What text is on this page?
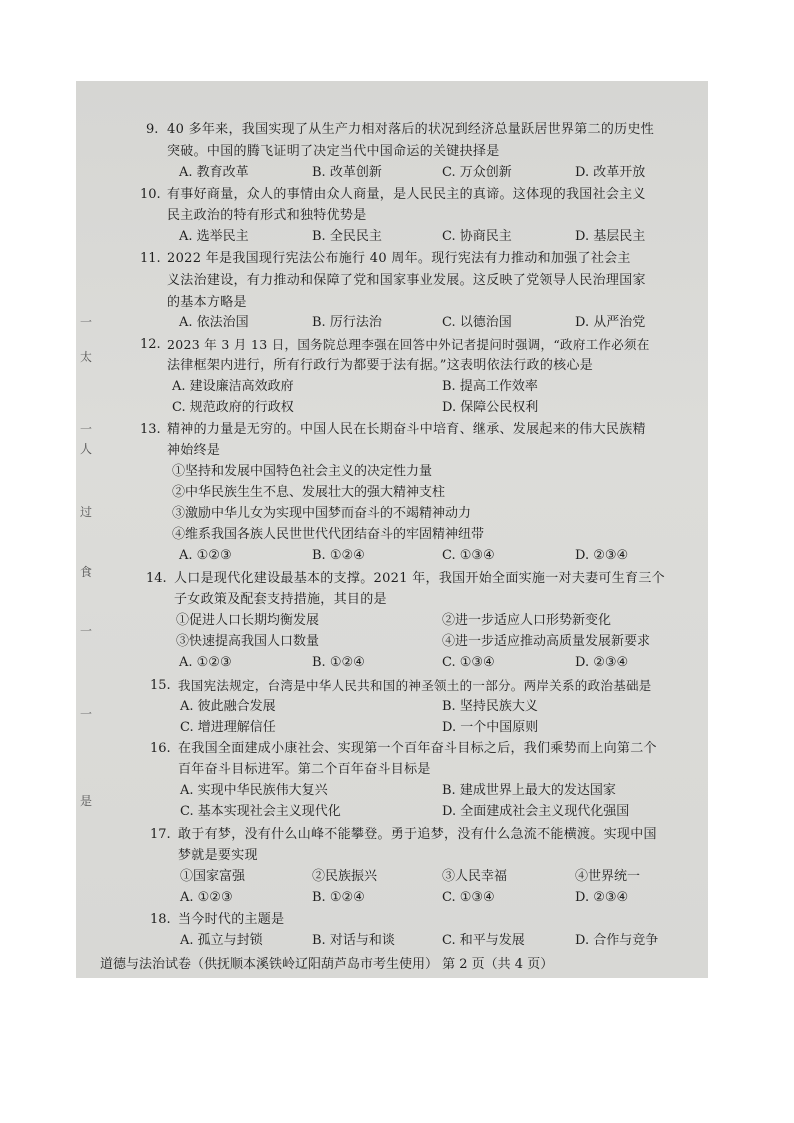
一
太
一
人
过
食
一
一
是
9. 40 多年来，我国实现了从生产力相对落后的状况到经济总量跃居世界第二的历史性
突破。中国的腾飞证明了决定当代中国命运的关键抉择是
A. 教育改革	B. 改革创新	C. 万众创新	D. 改革开放
10. 有事好商量，众人的事情由众人商量，是人民民主的真谛。这体现的我国社会主义
民主政治的特有形式和独特优势是
A. 选举民主	B. 全民民主	C. 协商民主	D. 基层民主
11. 2022 年是我国现行宪法公布施行 40 周年。现行宪法有力推动和加强了社会主
义法治建设，有力推动和保障了党和国家事业发展。这反映了党领导人民治理国家
的基本方略是
A. 依法治国	B. 厉行法治	C. 以德治国	D. 从严治党
12. 2023 年 3 月 13 日，国务院总理李强在回答中外记者提问时强调，“政府工作必须在
法律框架内进行，所有行政行为都要于法有据。”这表明依法行政的核心是
A. 建设廉洁高效政府	B. 提高工作效率
C. 规范政府的行政权	D. 保障公民权利
13. 精神的力量是无穷的。中国人民在长期奋斗中培育、继承、发展起来的伟大民族精
神始终是
①坚持和发展中国特色社会主义的决定性力量
②中华民族生生不息、发展壮大的强大精神支柱
③激励中华儿女为实现中国梦而奋斗的不竭精神动力
④维系我国各族人民世世代代团结奋斗的牢固精神纽带
A. ①②③	B. ①②④	C. ①③④	D. ②③④
14. 人口是现代化建设最基本的支撑。2021 年，我国开始全面实施一对夫妻可生育三个
子女政策及配套支持措施，其目的是
①促进人口长期均衡发展	②进一步适应人口形势新变化
③快速提高我国人口数量	④进一步适应推动高质量发展新要求
A. ①②③	B. ①②④	C. ①③④	D. ②③④
15. 我国宪法规定，台湾是中华人民共和国的神圣领土的一部分。两岸关系的政治基础是
A. 彼此融合发展	B. 坚持民族大义
C. 增进理解信任	D. 一个中国原则
16. 在我国全面建成小康社会、实现第一个百年奋斗目标之后，我们乘势而上向第二个
百年奋斗目标进军。第二个百年奋斗目标是
A. 实现中华民族伟大复兴	B. 建成世界上最大的发达国家
C. 基本实现社会主义现代化	D. 全面建成社会主义现代化强国
17. 敢于有梦，没有什么山峰不能攀登。勇于追梦，没有什么急流不能横渡。实现中国
梦就是要实现
①国家富强	②民族振兴	③人民幸福	④世界统一
A. ①②③	B. ①②④	C. ①③④	D. ②③④
18. 当今时代的主题是
A. 孤立与封锁	B. 对话与和谈	C. 和平与发展	D. 合作与竞争
道德与法治试卷（供抚顺本溪铁岭辽阳葫芦岛市考生使用） 第 2 页（共 4 页）
